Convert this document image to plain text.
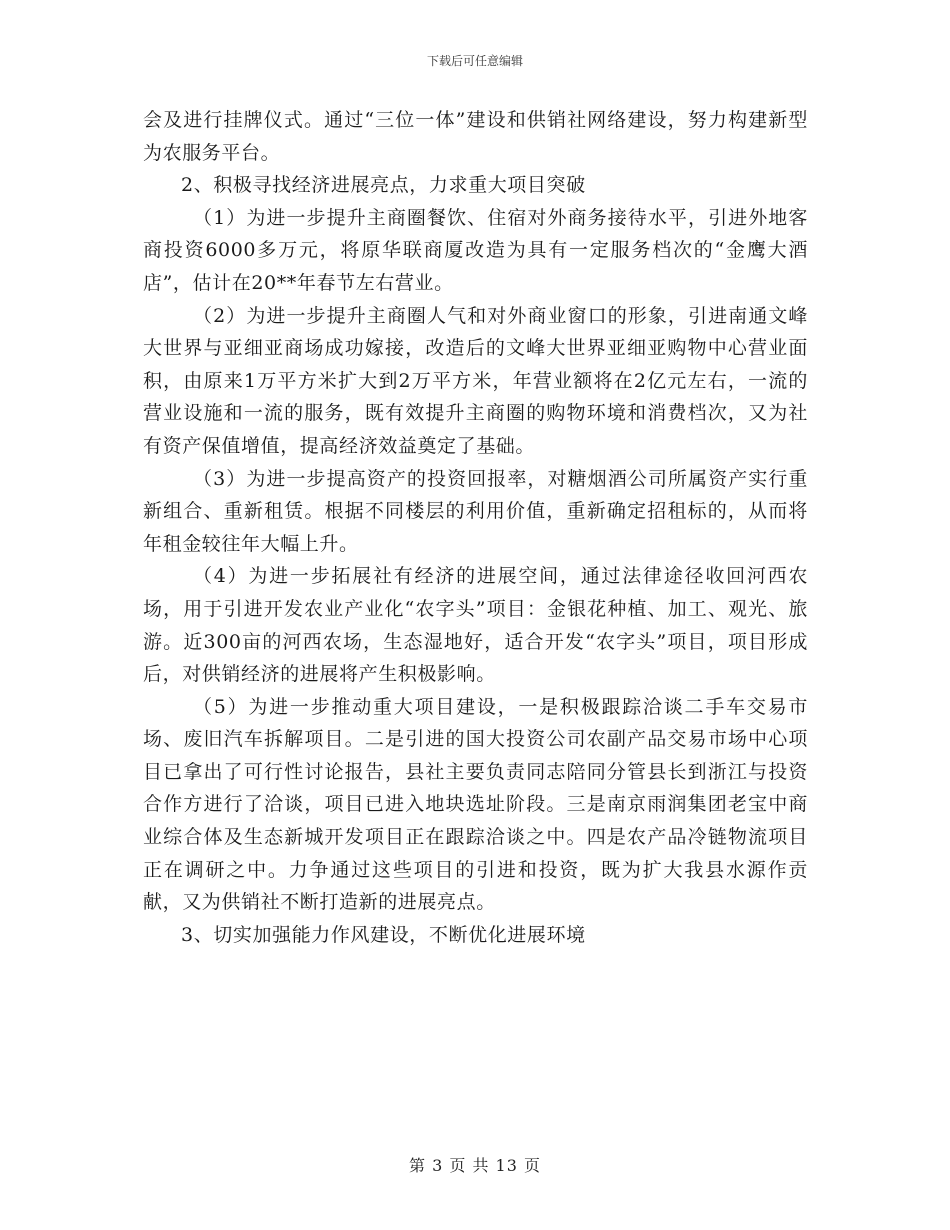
下载后可任意编辑

会及进行挂牌仪式。通过“三位一体”建设和供销社网络建设，努力构建新型为农服务平台。

2、积极寻找经济进展亮点，力求重大项目突破

（1）为进一步提升主商圈餐饮、住宿对外商务接待水平，引进外地客商投资6000多万元，将原华联商厦改造为具有一定服务档次的“金鹰大酒店”，估计在20**年春节左右营业。

（2）为进一步提升主商圈人气和对外商业窗口的形象，引进南通文峰大世界与亚细亚商场成功嫁接，改造后的文峰大世界亚细亚购物中心营业面积，由原来1万平方米扩大到2万平方米，年营业额将在2亿元左右，一流的营业设施和一流的服务，既有效提升主商圈的购物环境和消费档次，又为社有资产保值增值，提高经济效益奠定了基础。

（3）为进一步提高资产的投资回报率，对糖烟酒公司所属资产实行重新组合、重新租赁。根据不同楼层的利用价值，重新确定招租标的，从而将年租金较往年大幅上升。

（4）为进一步拓展社有经济的进展空间，通过法律途径收回河西农场，用于引进开发农业产业化“农字头”项目：金银花种植、加工、观光、旅游。近300亩的河西农场，生态湿地好，适合开发“农字头”项目，项目形成后，对供销经济的进展将产生积极影响。

（5）为进一步推动重大项目建设，一是积极跟踪洽谈二手车交易市场、废旧汽车拆解项目。二是引进的国大投资公司农副产品交易市场中心项目已拿出了可行性讨论报告，县社主要负责同志陪同分管县长到浙江与投资合作方进行了洽谈，项目已进入地块选址阶段。三是南京雨润集团老宝中商业综合体及生态新城开发项目正在跟踪洽谈之中。四是农产品冷链物流项目正在调研之中。力争通过这些项目的引进和投资，既为扩大我县水源作贡献，又为供销社不断打造新的进展亮点。

3、切实加强能力作风建设，不断优化进展环境

第 3 页 共 13 页
